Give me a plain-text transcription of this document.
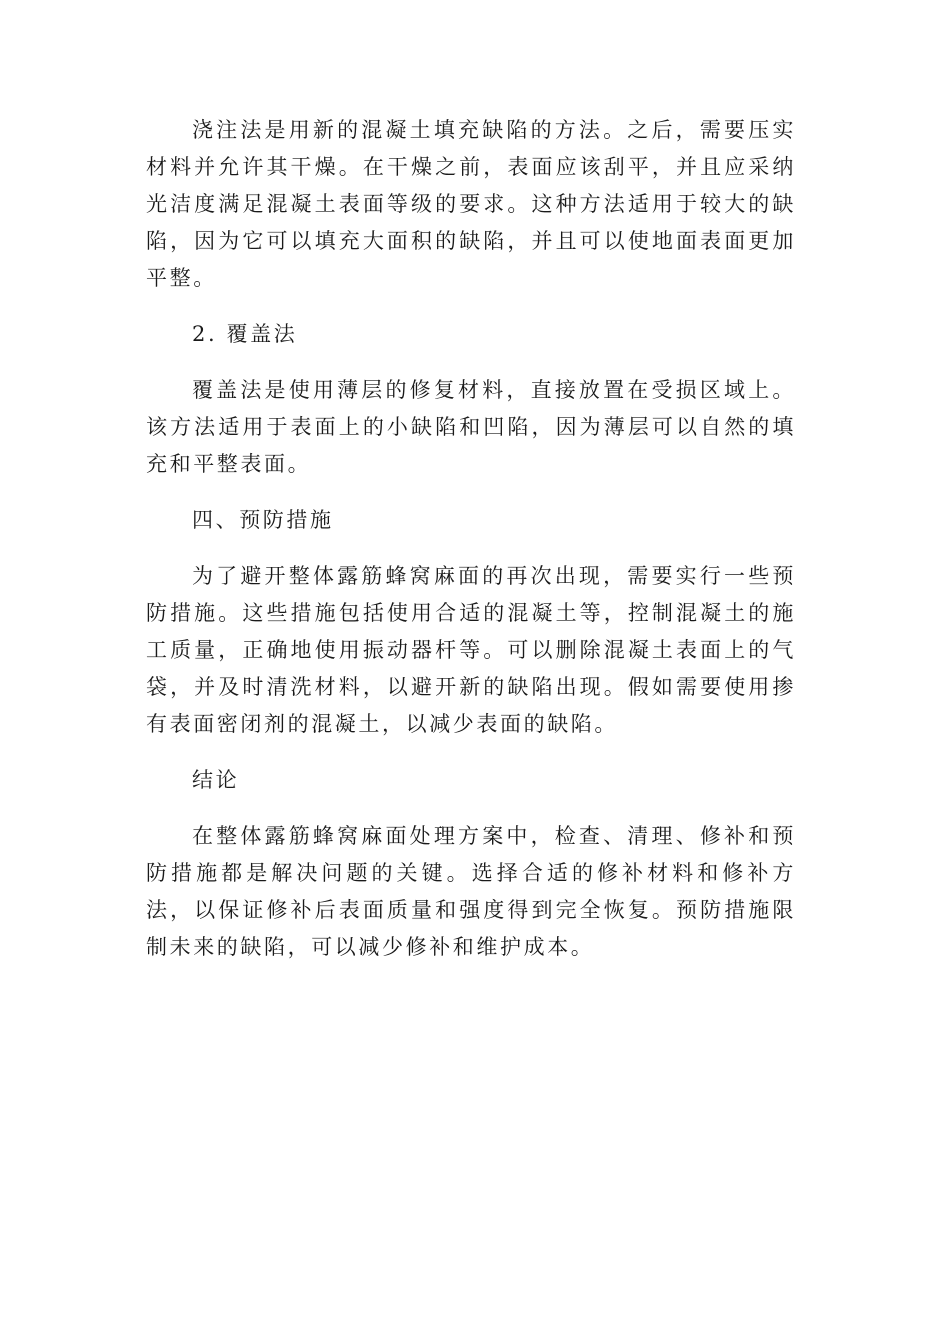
浇注法是用新的混凝土填充缺陷的方法。之后，需要压实材料并允许其干燥。在干燥之前，表面应该刮平，并且应采纳光洁度满足混凝土表面等级的要求。这种方法适用于较大的缺陷，因为它可以填充大面积的缺陷，并且可以使地面表面更加平整。

2. 覆盖法

覆盖法是使用薄层的修复材料，直接放置在受损区域上。该方法适用于表面上的小缺陷和凹陷，因为薄层可以自然的填充和平整表面。

四、预防措施

为了避开整体露筋蜂窝麻面的再次出现，需要实行一些预防措施。这些措施包括使用合适的混凝土等，控制混凝土的施工质量，正确地使用振动器杆等。可以删除混凝土表面上的气袋，并及时清洗材料，以避开新的缺陷出现。假如需要使用掺有表面密闭剂的混凝土，以减少表面的缺陷。

结论

在整体露筋蜂窝麻面处理方案中，检查、清理、修补和预防措施都是解决问题的关键。选择合适的修补材料和修补方法，以保证修补后表面质量和强度得到完全恢复。预防措施限制未来的缺陷，可以减少修补和维护成本。
